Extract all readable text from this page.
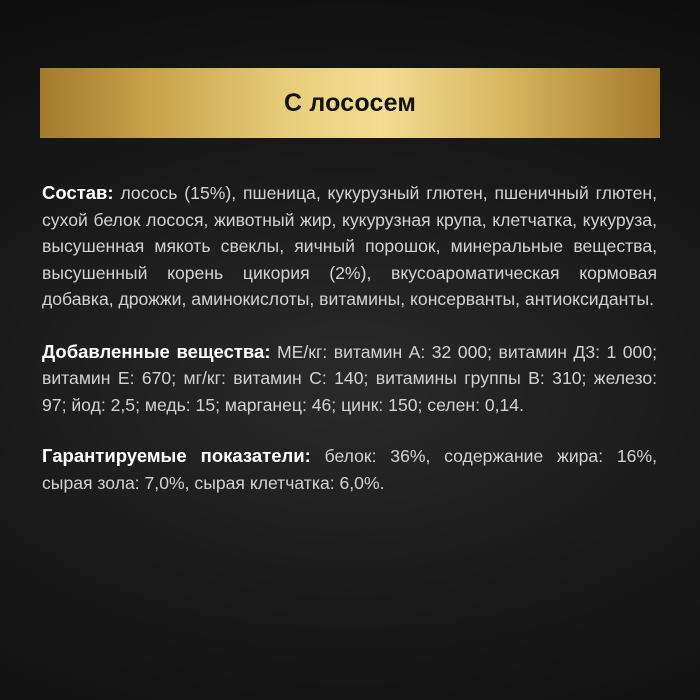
С лососем

Состав: лосось (15%), пшеница, кукурузный глютен, пшеничный глютен, сухой белок лосося, животный жир, кукурузная крупа, клетчатка, кукуруза, высушенная мякоть свеклы, яичный порошок, минеральные вещества, высушенный корень цикория (2%), вкусоароматическая кормовая добавка, дрожжи, аминокислоты, витамины, консерванты, антиоксиданты.

Добавленные вещества: МЕ/кг: витамин А: 32 000; витамин Д3: 1 000; витамин Е: 670; мг/кг: витамин С: 140; витамины группы В: 310; железо: 97; йод: 2,5; медь: 15; марганец: 46; цинк: 150; селен: 0,14.

Гарантируемые показатели: белок: 36%, содержание жира: 16%, сырая зола: 7,0%, сырая клетчатка: 6,0%.
